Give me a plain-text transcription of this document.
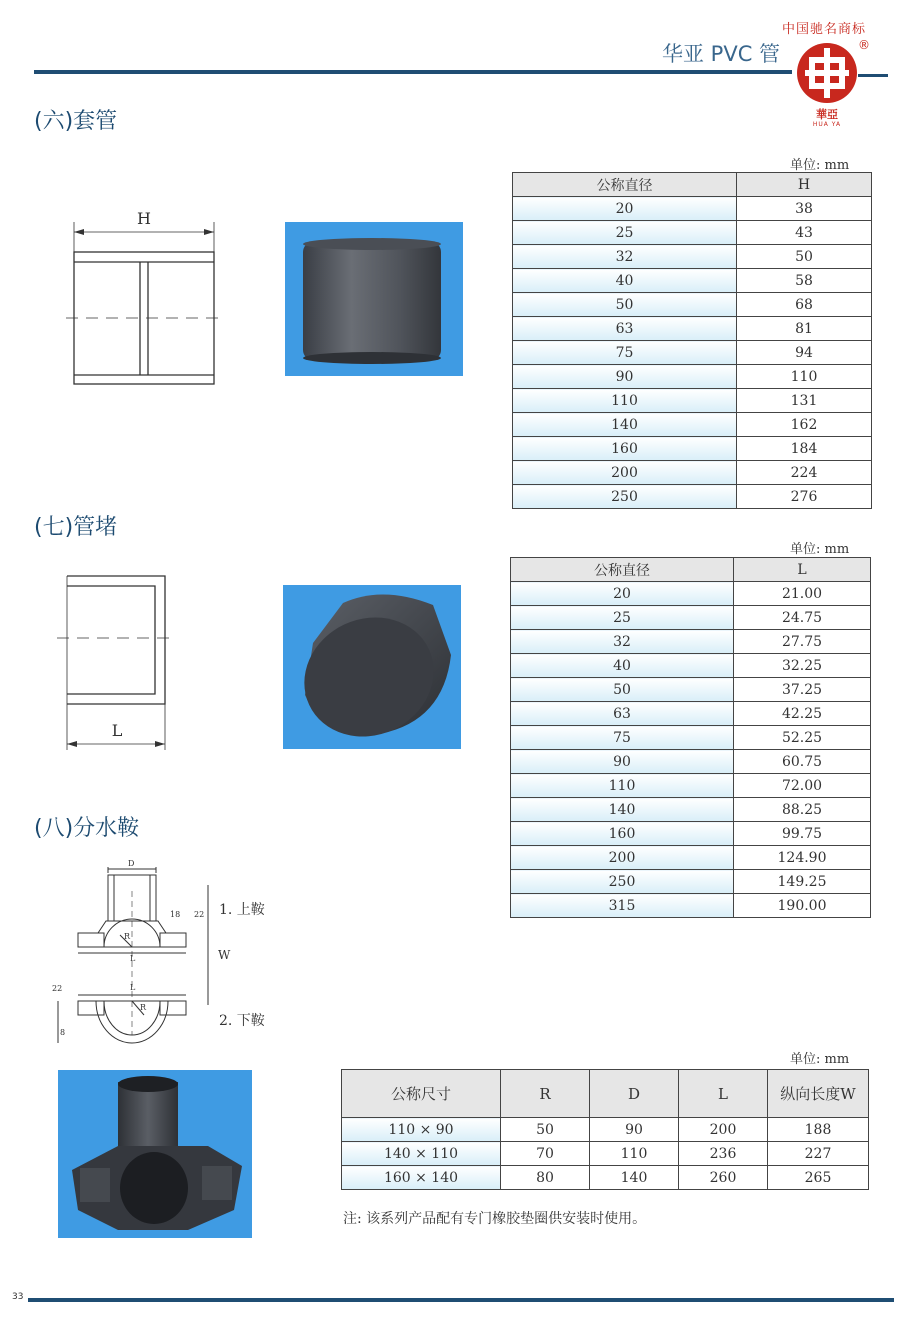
中国驰名商标
华亚 PVC 管	®
華亞
HUA YA
(六)套管
H
单位: mm
公称直径	H
20	38
25	43
32	50
40	58
50	68
63	81
75	94
90	110
110	131
140	162
160	184
200	224
250	276
(七)管堵
L
单位: mm
公称直径	L
20	21.00
25	24.75
32	27.75
40	32.25
50	37.25
63	42.25
75	52.25
90	60.75
110	72.00
140	88.25
160	99.75
200	124.90
250	149.25
315	190.00
(八)分水鞍
D
L
R
18 22
L
R
22
8
W
1. 上鞍
2. 下鞍
单位: mm
公称尺寸	R	D	L	纵向长度W
110 × 90	50	90	200	188
140 × 110	70	110	236	227
160 × 140	80	140	260	265
注: 该系列产品配有专门橡胶垫圈供安装时使用。
33
